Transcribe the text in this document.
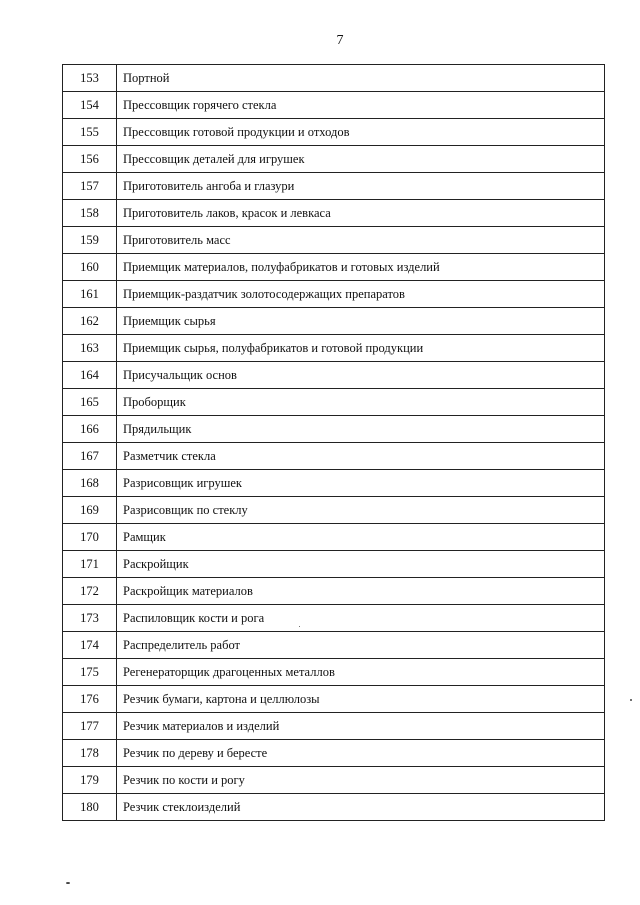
7
153	Портной
154	Прессовщик горячего стекла
155	Прессовщик готовой продукции и отходов
156	Прессовщик деталей для игрушек
157	Приготовитель ангоба и глазури
158	Приготовитель лаков, красок и левкаса
159	Приготовитель масс
160	Приемщик материалов, полуфабрикатов и готовых изделий
161	Приемщик-раздатчик золотосодержащих препаратов
162	Приемщик сырья
163	Приемщик сырья, полуфабрикатов и готовой продукции
164	Присучальщик основ
165	Проборщик
166	Прядильщик
167	Разметчик стекла
168	Разрисовщик игрушек
169	Разрисовщик по стеклу
170	Рамщик
171	Раскройщик
172	Раскройщик материалов
173	Распиловщик кости и рога
174	Распределитель работ
175	Регенераторщик драгоценных металлов
176	Резчик бумаги, картона и целлюлозы
177	Резчик материалов и изделий
178	Резчик по дереву и бересте
179	Резчик по кости и рогу
180	Резчик стеклоизделий
